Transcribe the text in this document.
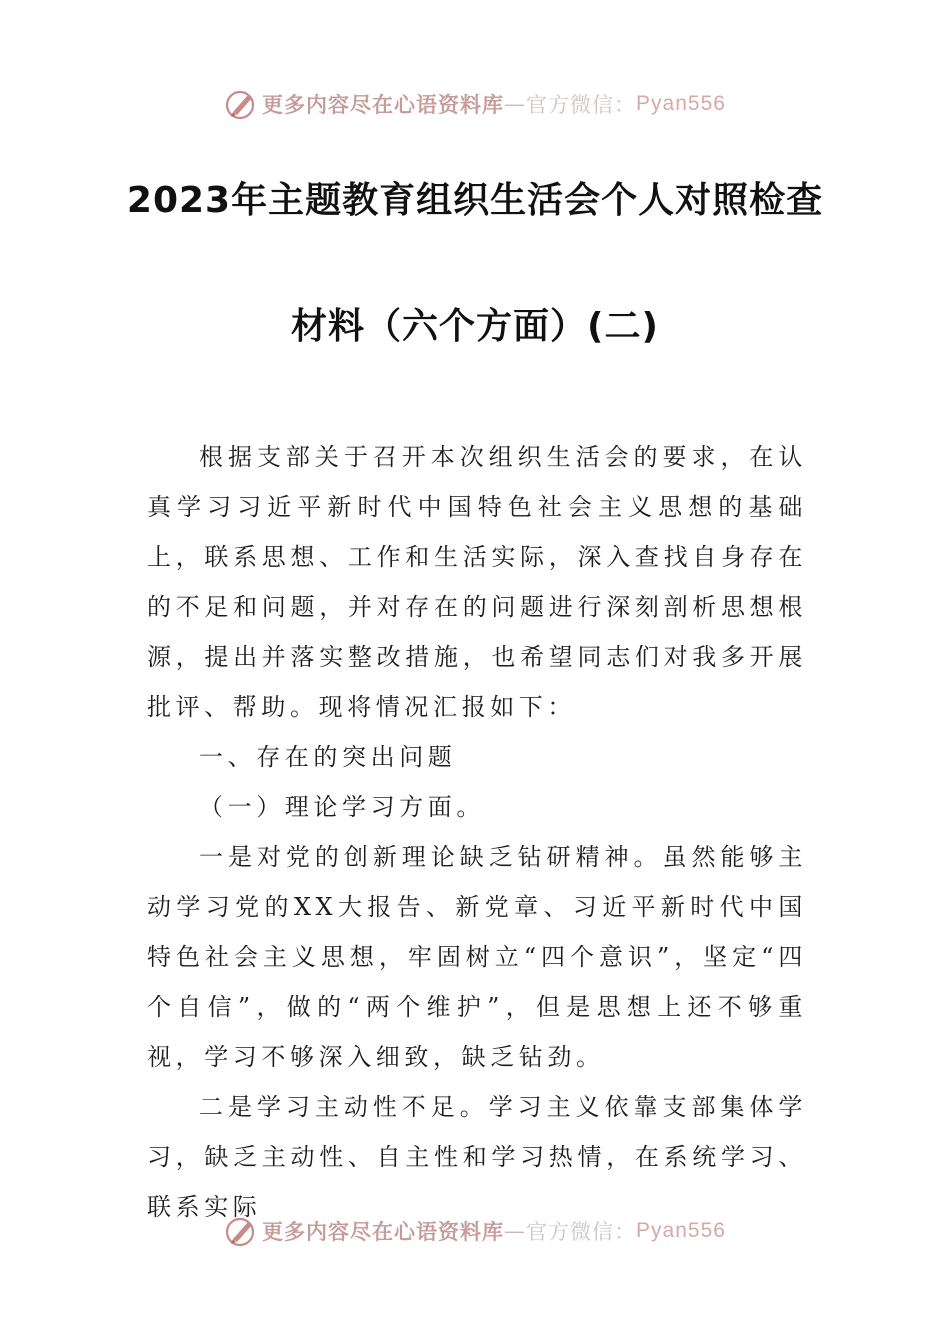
更多内容尽在心语资料库 — 官方微信： Pyan556
2023年主题教育组织生活会个人对照检查
材料（六个方面）(二)

根据支部关于召开本次组织生活会的要求，在认真学习习近平新时代中国特色社会主义思想的基础上，联系思想、工作和生活实际，深入查找自身存在的不足和问题，并对存在的问题进行深刻剖析思想根源，提出并落实整改措施，也希望同志们对我多开展批评、帮助。现将情况汇报如下：

一、存在的突出问题

（一）理论学习方面。

一是对党的创新理论缺乏钻研精神。虽然能够主动学习党的XX大报告、新党章、习近平新时代中国特色社会主义思想，牢固树立“四个意识”，坚定“四个自信”，做的“两个维护”，但是思想上还不够重视，学习不够深入细致，缺乏钻劲。

二是学习主动性不足。学习主义依靠支部集体学习，缺乏主动性、自主性和学习热情，在系统学习、联系实际

更多内容尽在心语资料库 — 官方微信： Pyan556
